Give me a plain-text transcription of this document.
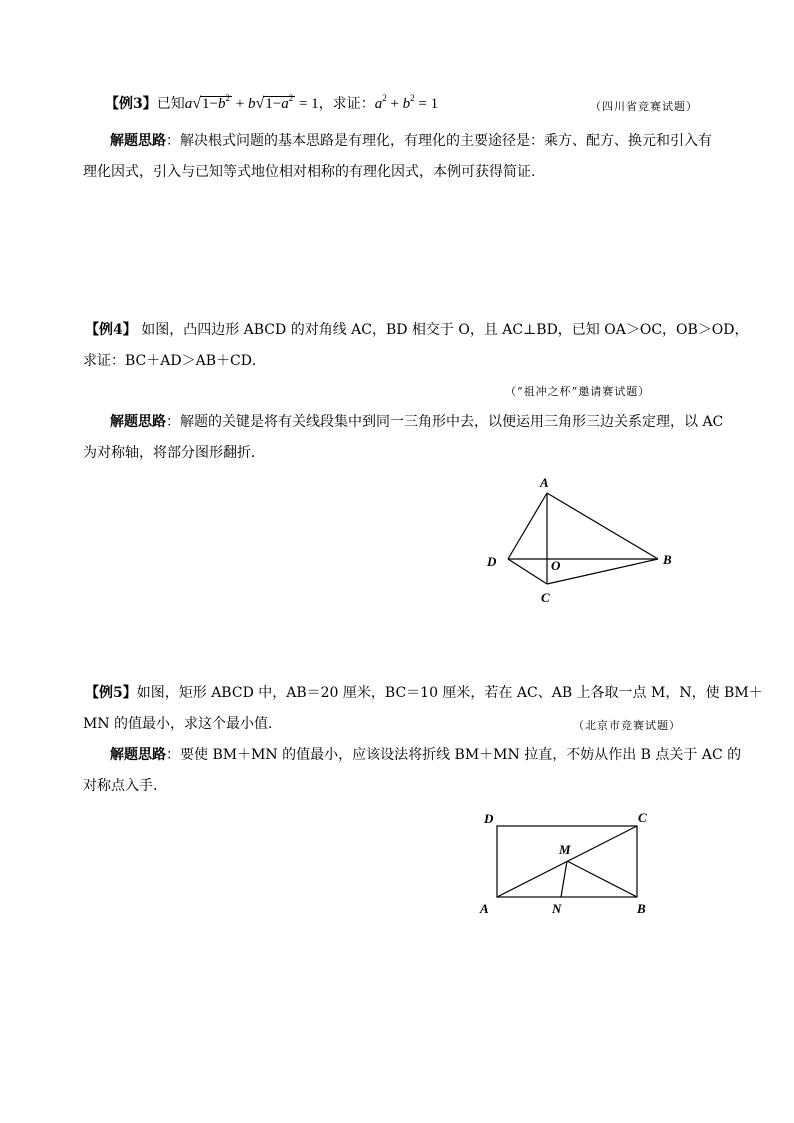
【例3】已知$a√1-b^2 + b√1-a^2 = 1$，求证：$a^2 + b^2 = 1$	（四川省竞赛试题）
解题思路：解决根式问题的基本思路是有理化，有理化的主要途径是：乘方、配方、换元和引入有
理化因式，引入与已知等式地位相对相称的有理化因式，本例可获得简证．
【例4】 如图，凸四边形 ABCD 的对角线 AC，BD 相交于 O，且 AC⊥BD，已知 OA＞OC，OB＞OD，
求证：BC＋AD＞AB＋CD．
（“祖冲之杯”邀请赛试题）
解题思路：解题的关键是将有关线段集中到同一三角形中去，以便运用三角形三边关系定理，以 AC
为对称轴，将部分图形翻折．
A
B
C
D	O
【例5】如图，矩形 ABCD 中，AB＝20 厘米，BC＝10 厘米，若在 AC、AB 上各取一点 M，N，使 BM＋
MN 的值最小，求这个最小值.	（北京市竞赛试题）
解题思路：要使 BM＋MN 的值最小，应该设法将折线 BM＋MN 拉直，不妨从作出 B 点关于 AC 的
对称点入手.
D	C
M
A	N	B
